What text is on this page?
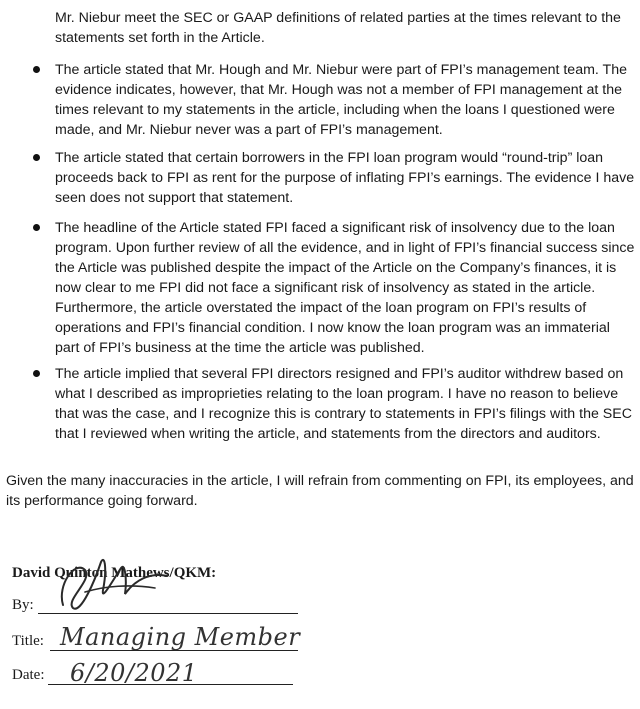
Mr. Niebur meet the SEC or GAAP definitions of related parties at the times relevant to the statements set forth in the Article.

The article stated that Mr. Hough and Mr. Niebur were part of FPI’s management team. The evidence indicates, however, that Mr. Hough was not a member of FPI management at the times relevant to my statements in the article, including when the loans I questioned were made, and Mr. Niebur never was a part of FPI’s management.

The article stated that certain borrowers in the FPI loan program would “round-trip” loan proceeds back to FPI as rent for the purpose of inflating FPI’s earnings. The evidence I have seen does not support that statement.

The headline of the Article stated FPI faced a significant risk of insolvency due to the loan program. Upon further review of all the evidence, and in light of FPI’s financial success since the Article was published despite the impact of the Article on the Company’s finances, it is now clear to me FPI did not face a significant risk of insolvency as stated in the article. Furthermore, the article overstated the impact of the loan program on FPI’s results of operations and FPI’s financial condition. I now know the loan program was an immaterial part of FPI’s business at the time the article was published.

The article implied that several FPI directors resigned and FPI’s auditor withdrew based on what I described as improprieties relating to the loan program. I have no reason to believe that was the case, and I recognize this is contrary to statements in FPI’s filings with the SEC that I reviewed when writing the article, and statements from the directors and auditors.

Given the many inaccuracies in the article, I will refrain from commenting on FPI, its employees, and its performance going forward.

David Quinton Mathews/QKM:
By:
Title: Managing Member
Date: 6/20/2021
